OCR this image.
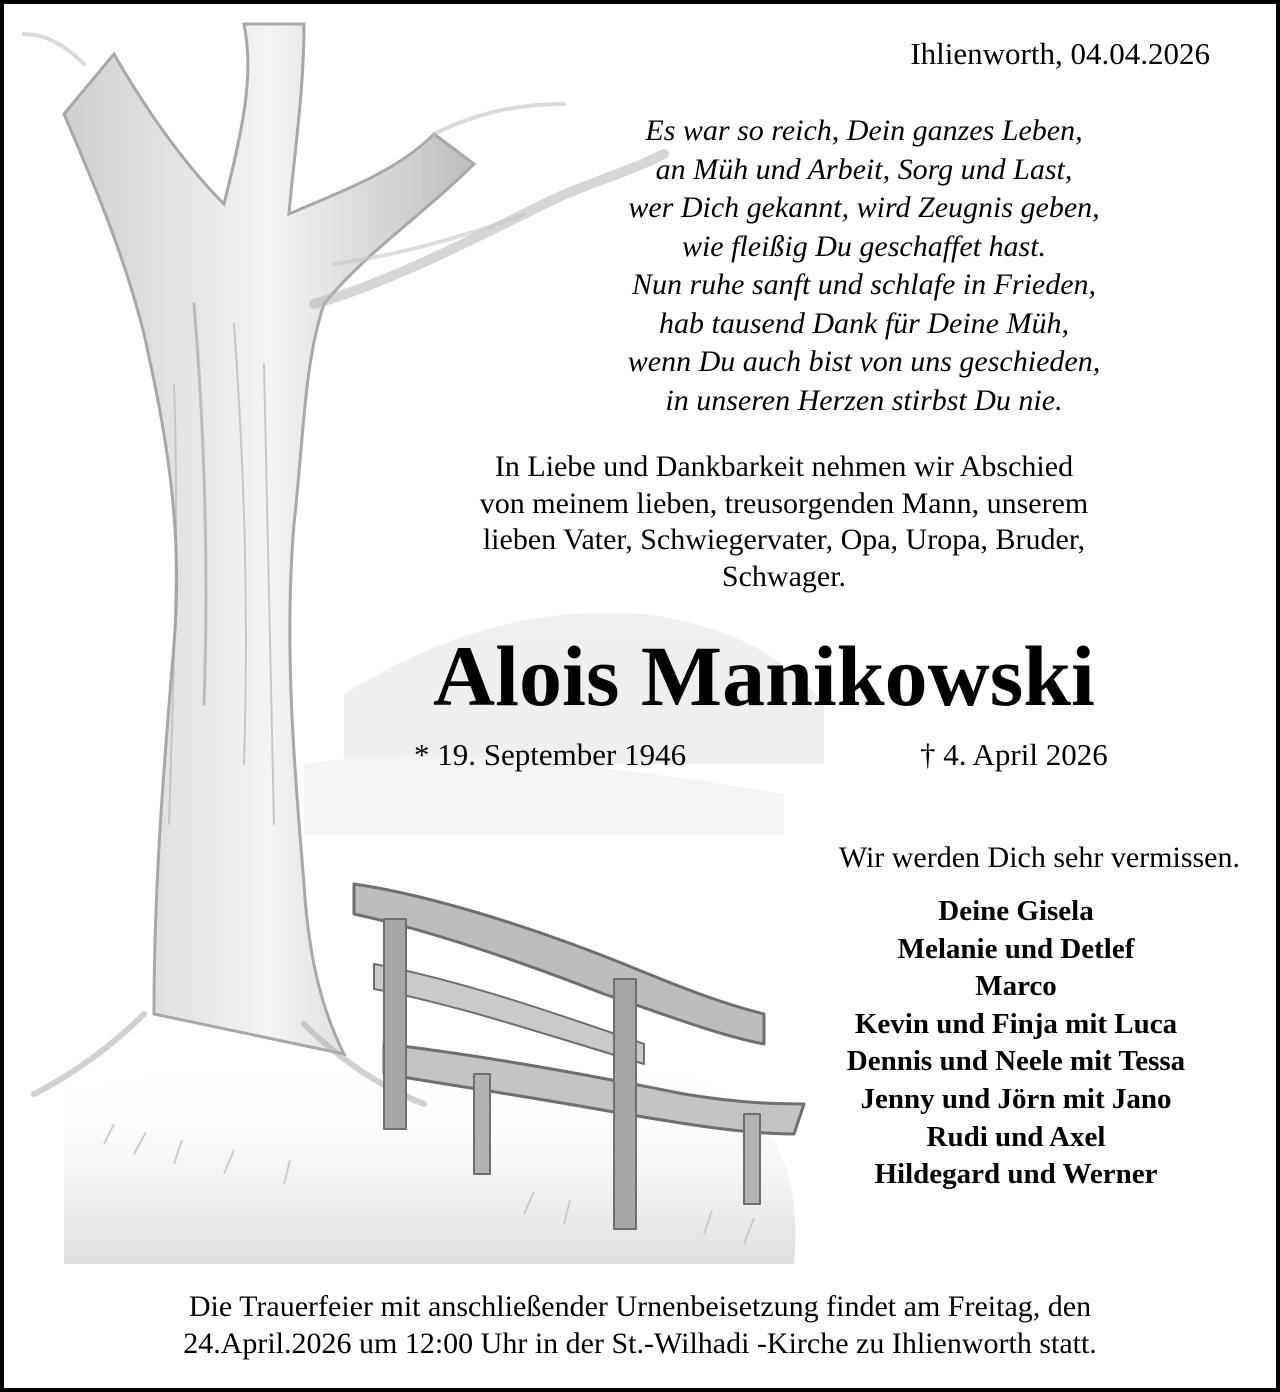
Ihlienworth, 04.04.2026
Es war so reich, Dein ganzes Leben,
an Müh und Arbeit, Sorg und Last,
wer Dich gekannt, wird Zeugnis geben,
wie fleißig Du geschaffet hast.
Nun ruhe sanft und schlafe in Frieden,
hab tausend Dank für Deine Müh,
wenn Du auch bist von uns geschieden,
in unseren Herzen stirbst Du nie.
In Liebe und Dankbarkeit nehmen wir Abschied
von meinem lieben, treusorgenden Mann, unserem
lieben Vater, Schwiegervater, Opa, Uropa, Bruder,
Schwager.
Alois Manikowski
* 19. September 1946	† 4. April 2026
Wir werden Dich sehr vermissen.
Deine Gisela
Melanie und Detlef
Marco
Kevin und Finja mit Luca
Dennis und Neele mit Tessa
Jenny und Jörn mit Jano
Rudi und Axel
Hildegard und Werner
Die Trauerfeier mit anschließender Urnenbeisetzung findet am Freitag, den
24.April.2026 um 12:00 Uhr in der St.-Wilhadi -Kirche zu Ihlienworth statt.
